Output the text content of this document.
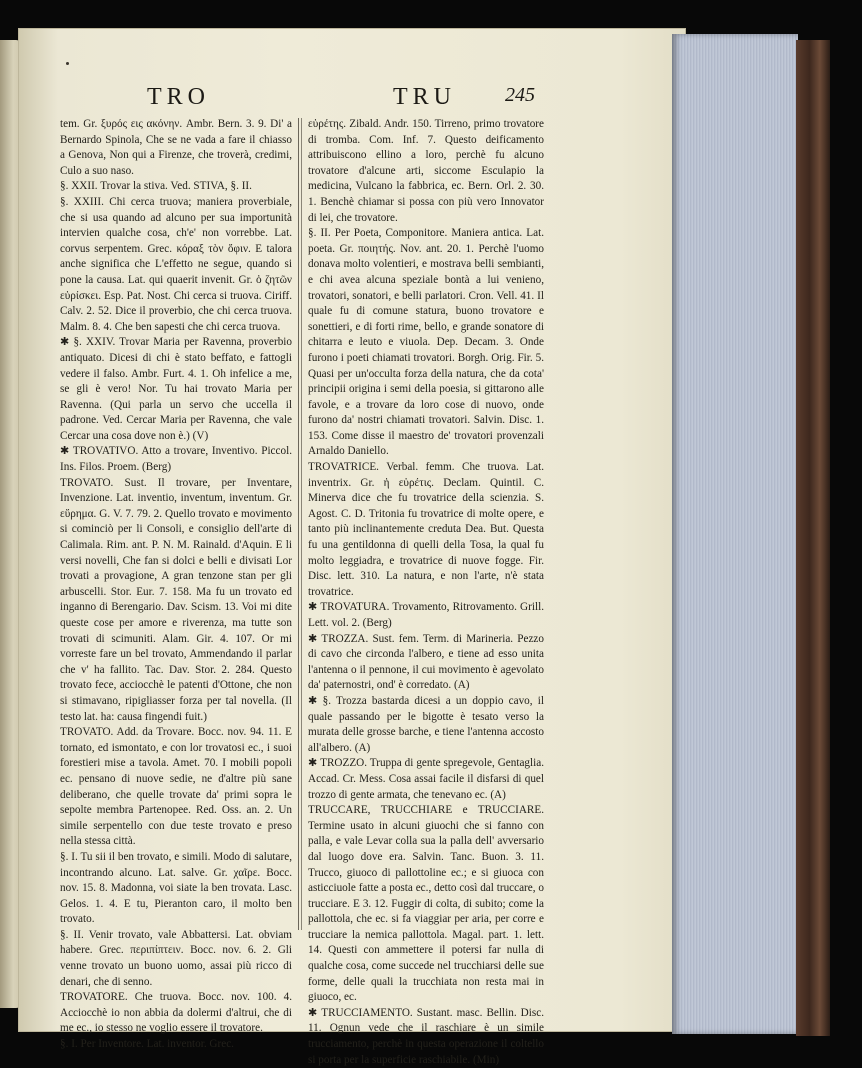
TRO	TRU 245

tem. Gr. ξυρός εις ακόνην. Ambr. Bern. 3. 9. Di' a Bernardo Spinola, Che se ne vada a fare il chiasso a Genova, Non qui a Firenze, che troverà, credimi, Culo a suo naso.

§. XXII. Trovar la stiva. Ved. STIVA, §. II.

§. XXIII. Chi cerca truova; maniera proverbiale, che si usa quando ad alcuno per sua importunità intervien qualche cosa, ch'e' non vorrebbe. Lat. corvus serpentem. Grec. κόραξ τὸν ὄφιν. E talora anche significa che L'effetto ne segue, quando si pone la causa. Lat. qui quaerit invenit. Gr. ὁ ζητῶν εὑρίσκει. Esp. Pat. Nost. Chi cerca si truova. Ciriff. Calv. 2. 52. Dice il proverbio, che chi cerca truova. Malm. 8. 4. Che ben sapesti che chi cerca truova.

✱ §. XXIV. Trovar Maria per Ravenna, proverbio antiquato. Dicesi di chi è stato beffato, e fattogli vedere il falso. Ambr. Furt. 4. 1. Oh infelice a me, se gli è vero! Nor. Tu hai trovato Maria per Ravenna. (Qui parla un servo che uccella il padrone. Ved. Cercar Maria per Ravenna, che vale Cercar una cosa dove non è.) (V)

✱ TROVATIVO. Atto a trovare, Inventivo. Piccol. Ins. Filos. Proem. (Berg)

TROVATO. Sust. Il trovare, per Inventare, Invenzione. Lat. inventio, inventum, inventum. Gr. εὕρημα. G. V. 7. 79. 2. Quello trovato e movimento si cominciò per li Consoli, e consiglio dell'arte di Calimala. Rim. ant. P. N. M. Rainald. d'Aquin. E li versi novelli, Che fan si dolci e belli e divisati Lor trovati a provagione, A gran tenzone stan per gli arbuscelli. Stor. Eur. 7. 158. Ma fu un trovato ed inganno di Berengario. Dav. Scism. 13. Voi mi dite queste cose per amore e riverenza, ma tutte son trovati di scimuniti. Alam. Gir. 4. 107. Or mi vorreste fare un bel trovato, Ammendando il parlar che v' ha fallito. Tac. Dav. Stor. 2. 284. Questo trovato fece, acciocchè le patenti d'Ottone, che non si stimavano, ripigliasser forza per tal novella. (Il testo lat. ha: causa fingendi fuit.)

TROVATO. Add. da Trovare. Bocc. nov. 94. 11. E tornato, ed ismontato, e con lor trovatosi ec., i suoi forestieri mise a tavola. Amet. 70. I mobili popoli ec. pensano di nuove sedie, ne d'altre più sane deliberano, che quelle trovate da' primi sopra le sepolte membra Partenopee. Red. Oss. an. 2. Un simile serpentello con due teste trovato e preso nella stessa città.

§. I. Tu sii il ben trovato, e simili. Modo di salutare, incontrando alcuno. Lat. salve. Gr. χαῖρε. Bocc. nov. 15. 8. Madonna, voi siate la ben trovata. Lasc. Gelos. 1. 4. E tu, Pieranton caro, il molto ben trovato.

§. II. Venir trovato, vale Abbattersi. Lat. obviam habere. Grec. περιπίπτειν. Bocc. nov. 6. 2. Gli venne trovato un buono uomo, assai più ricco di denari, che di senno.

TROVATORE. Che truova. Bocc. nov. 100. 4. Acciocchè io non abbia da dolermi d'altrui, che di me ec., io stesso ne voglio essere il trovatore.

§. I. Per Inventore. Lat. inventor. Grec.

εὑρέτης. Zibald. Andr. 150. Tirreno, primo trovatore di tromba. Com. Inf. 7. Questo deificamento attribuiscono ellino a loro, perchè fu alcuno trovatore d'alcune arti, siccome Esculapio la medicina, Vulcano la fabbrica, ec. Bern. Orl. 2. 30. 1. Benchè chiamar si possa con più vero Innovator di lei, che trovatore.

§. II. Per Poeta, Componitore. Maniera antica. Lat. poeta. Gr. ποιητής. Nov. ant. 20. 1. Perchè l'uomo donava molto volentieri, e mostrava belli sembianti, e chi avea alcuna speziale bontà a lui venieno, trovatori, sonatori, e belli parlatori. Cron. Vell. 41. Il quale fu di comune statura, buono trovatore e sonettieri, e di forti rime, bello, e grande sonatore di chitarra e leuto e viuola. Dep. Decam. 3. Onde furono i poeti chiamati trovatori. Borgh. Orig. Fir. 5. Quasi per un'occulta forza della natura, che da cota' principii origina i semi della poesia, si gittarono alle favole, e a trovare da loro cose di nuovo, onde furono da' nostri chiamati trovatori. Salvin. Disc. 1. 153. Come disse il maestro de' trovatori provenzali Arnaldo Daniello.

TROVATRICE. Verbal. femm. Che truova. Lat. inventrix. Gr. ἡ εὑρέτις. Declam. Quintil. C. Minerva dice che fu trovatrice della scienzia. S. Agost. C. D. Tritonia fu trovatrice di molte opere, e tanto più inclinantemente creduta Dea. But. Questa fu una gentildonna di quelli della Tosa, la qual fu molto leggiadra, e trovatrice di nuove fogge. Fir. Disc. lett. 310. La natura, e non l'arte, n'è stata trovatrice.

✱ TROVATURA. Trovamento, Ritrovamento. Grill. Lett. vol. 2. (Berg)

✱ TROZZA. Sust. fem. Term. di Marineria. Pezzo di cavo che circonda l'albero, e tiene ad esso unita l'antenna o il pennone, il cui movimento è agevolato da' paternostri, ond' è corredato. (A)

✱ §. Trozza bastarda dicesi a un doppio cavo, il quale passando per le bigotte è tesato verso la murata delle grosse barche, e tiene l'antenna accosto all'albero. (A)

✱ TROZZO. Truppa di gente spregevole, Gentaglia. Accad. Cr. Mess. Cosa assai facile il disfarsi di quel trozzo di gente armata, che tenevano ec. (A)

TRUCCARE, TRUCCHIARE e TRUCCIARE. Termine usato in alcuni giuochi che si fanno con palla, e vale Levar colla sua la palla dell' avversario dal luogo dove era. Salvin. Tanc. Buon. 3. 11. Trucco, giuoco di pallottoline ec.; e si giuoca con asticciuole fatte a posta ec., detto così dal truccare, o trucciare. E 3. 12. Fuggir di colta, di subito; come la pallottola, che ec. si fa viaggiar per aria, per corre e trucciare la nemica pallottola. Magal. part. 1. lett. 14. Questi con ammettere il potersi far nulla di qualche cosa, come succede nel trucchiarsi delle sue forme, delle quali la trucchiata non resta mai in giuoco, ec.

✱ TRUCCIAMENTO. Sustant. masc. Bellin. Disc. 11. Ognun vede che il raschiare è un simile trucciamento, perchè in questa operazione il coltello si porta per la superficie raschiabile. (Min)
